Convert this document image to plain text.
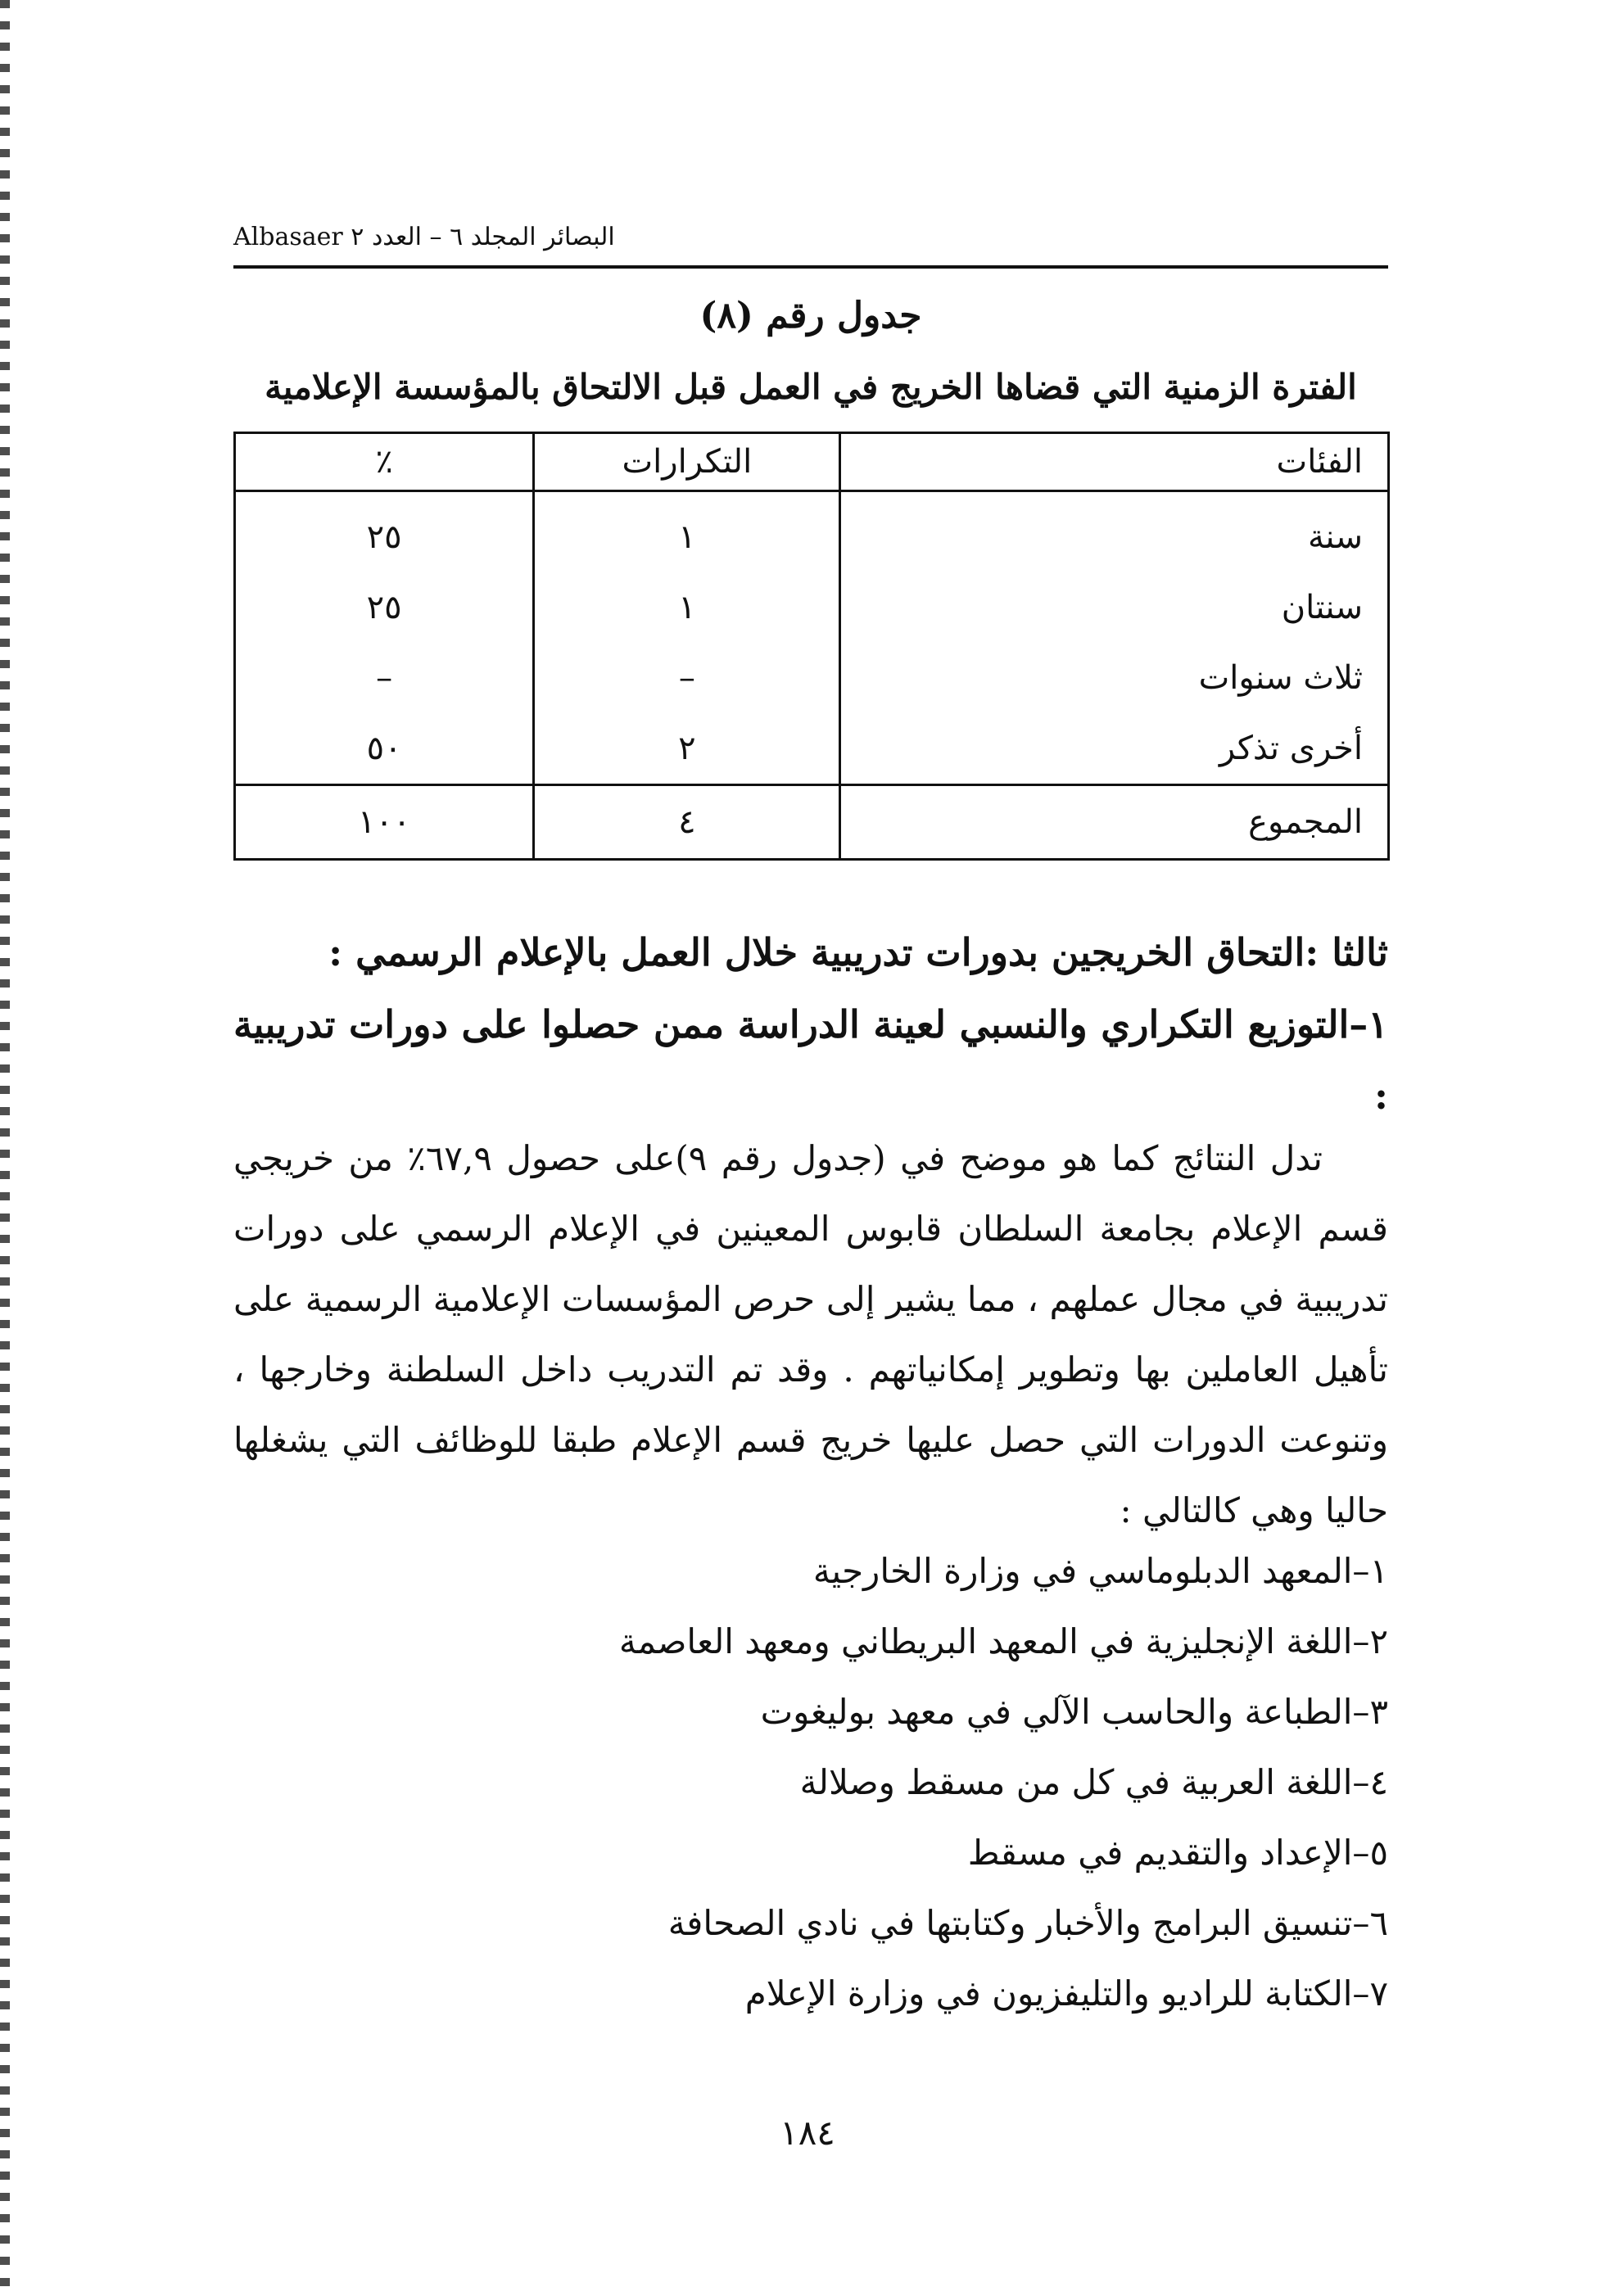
البصائر المجلد ٦ – العدد ٢ Albasaer
جدول رقم (٨)
الفترة الزمنية التي قضاها الخريج في العمل قبل الالتحاق بالمؤسسة الإعلامية
الفئات	التكرارات	٪
سنة	١	٢٥
سنتان	١	٢٥
ثلاث سنوات	–	–
أخرى تذكر	٢	٥٠
المجموع	٤	١٠٠
ثالثا :التحاق الخريجين بدورات تدريبية خلال العمل بالإعلام الرسمي :
١–التوزيع التكراري والنسبي لعينة الدراسة ممن حصلوا على دورات تدريبية :
تدل النتائج كما هو موضح في (جدول رقم ٩)على حصول ٦٧,٩٪ من خريجي قسم الإعلام بجامعة السلطان قابوس المعينين في الإعلام الرسمي على دورات تدريبية في مجال عملهم ، مما يشير إلى حرص المؤسسات الإعلامية الرسمية على تأهيل العاملين بها وتطوير إمكانياتهم . وقد تم التدريب داخل السلطنة وخارجها ، وتنوعت الدورات التي حصل عليها خريج قسم الإعلام طبقا للوظائف التي يشغلها حاليا وهي كالتالي :
١–المعهد الدبلوماسي في وزارة الخارجية
٢–اللغة الإنجليزية في المعهد البريطاني ومعهد العاصمة
٣–الطباعة والحاسب الآلي في معهد بوليغوت
٤–اللغة العربية في كل من مسقط وصلالة
٥–الإعداد والتقديم في مسقط
٦–تنسيق البرامج والأخبار وكتابتها في نادي الصحافة
٧–الكتابة للراديو والتليفزيون في وزارة الإعلام
١٨٤
